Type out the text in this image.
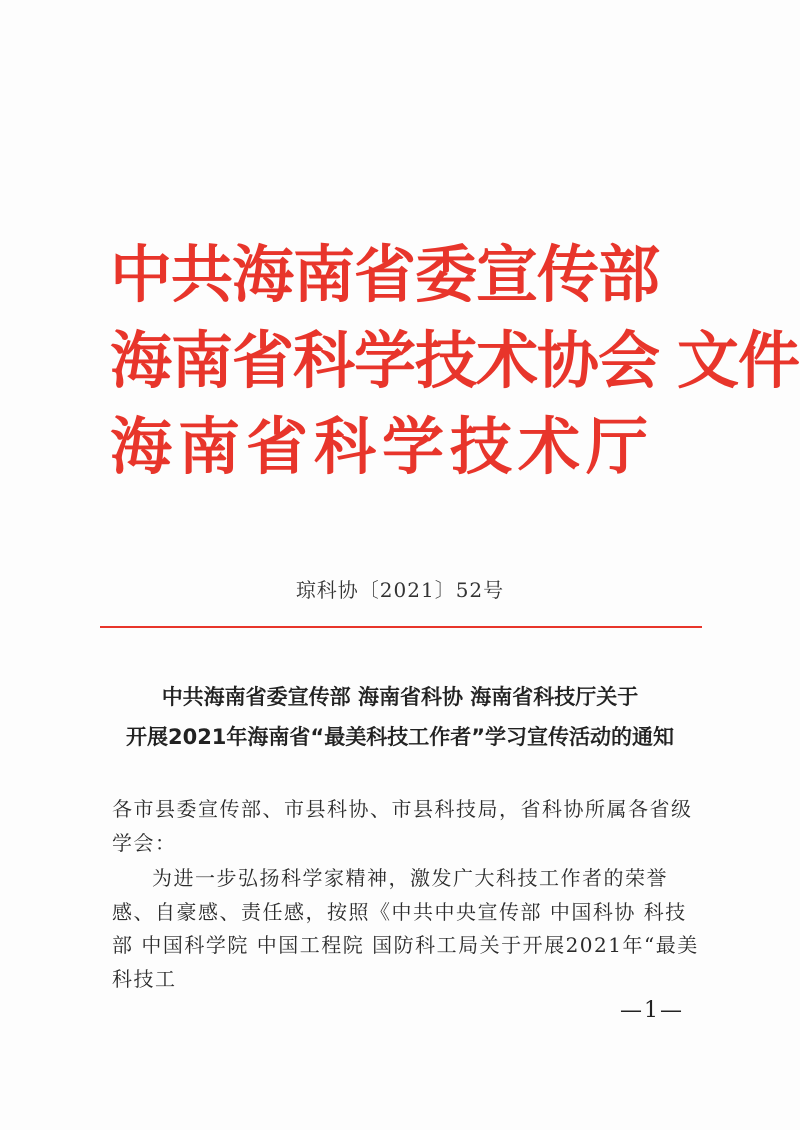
中共海南省委宣传部
海南省科学技术协会 文件
海南省科学技术厅
琼科协〔2021〕52号
中共海南省委宣传部 海南省科协 海南省科技厅关于
开展2021年海南省“最美科技工作者”学习宣传活动的通知

各市县委宣传部、市县科协、市县科技局，省科协所属各省级学会：

为进一步弘扬科学家精神，激发广大科技工作者的荣誉感、自豪感、责任感，按照《中共中央宣传部 中国科协 科技部 中国科学院 中国工程院 国防科工局关于开展2021年“最美科技工

—1—
